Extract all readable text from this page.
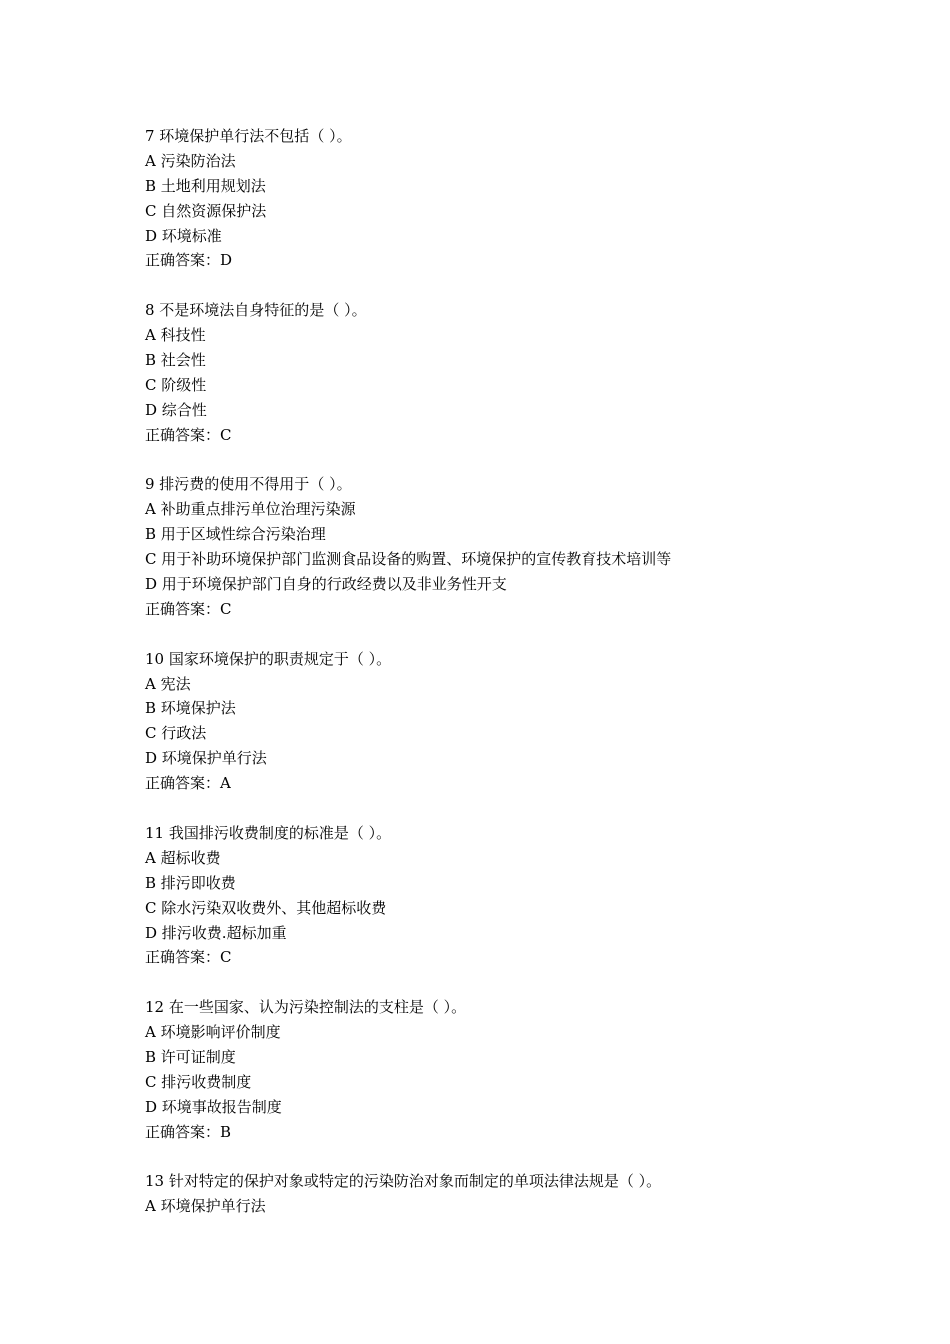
7 环境保护单行法不包括（ ）。
A 污染防治法
B 土地利用规划法
C 自然资源保护法
D 环境标准
正确答案：D
8 不是环境法自身特征的是（ ）。
A 科技性
B 社会性
C 阶级性
D 综合性
正确答案：C
9 排污费的使用不得用于（ ）。
A 补助重点排污单位治理污染源
B 用于区域性综合污染治理
C 用于补助环境保护部门监测食品设备的购置、环境保护的宣传教育技术培训等
D 用于环境保护部门自身的行政经费以及非业务性开支
正确答案：C
10 国家环境保护的职责规定于（ ）。
A 宪法
B 环境保护法
C 行政法
D 环境保护单行法
正确答案：A
11 我国排污收费制度的标准是（ ）。
A 超标收费
B 排污即收费
C 除水污染双收费外、其他超标收费
D 排污收费.超标加重
正确答案：C
12 在一些国家、认为污染控制法的支柱是（ ）。
A 环境影响评价制度
B 许可证制度
C 排污收费制度
D 环境事故报告制度
正确答案：B
13 针对特定的保护对象或特定的污染防治对象而制定的单项法律法规是（ ）。
A 环境保护单行法
